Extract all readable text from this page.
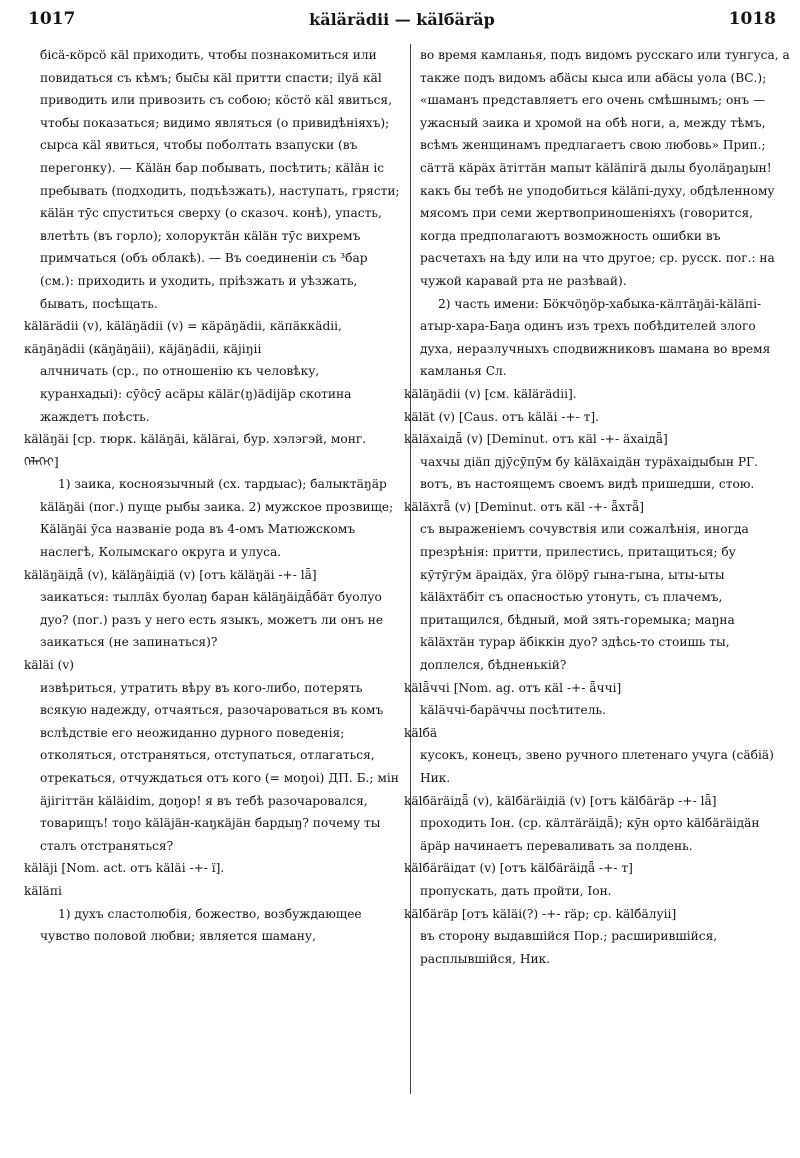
1017	kälärädii — kälбäräp	1018

бісä-кöрсö кäl приходить, чтобы познакомиться или повидаться съ кѣмъ; быс̄ы кäl притти спасти; ilyä кäl приводить или привозить съ собою; кöстö кäl явиться, чтобы показаться; видимо являться (о привидѣніяхъ); сырса кäl явиться, чтобы поболтать взапуски (въ перегонку). — Кäläн бар побывать, посѣтить; кäläн іс пребывать (подходить, подъѣзжать), наступать, грясти; кäläн тӯс спуститься сверху (о сказоч. конѣ), упасть, влетѣть (въ горло); холоруктäн кäläн тӯс вихремъ примчаться (объ облакѣ). — Въ соединеніи съ ³бар (см.): приходить и уходить, пріѣзжать и уѣзжать, бывать, посѣщать.

kälärädii (v), käläŋädii (v) = кäрäŋädii, кäпäккädii, кäŋäŋädii (кäŋäŋäii), кäjäŋädii, кäjiŋii

алчничать (ср., по отношенію къ человѣку, куранхадыі): сӯöсӯ асäры кäläг(ŋ)ädiјäр скотина жаждетъ поѣсть.

käläŋäi [ср. тюрк. käläŋäi, kälärai, бур. хэлэгэй, монг. ᠬᠡᠯᠡᠭᠡᠢ]

1) заика, косноязычный (сх. тардыас); балыктäŋäр käläŋäi (пог.) пуще рыбы заика. 2) мужское прозвище; Кäläŋäi ӯса названіе рода въ 4-омъ Матюжскомъ наслегѣ, Колымскаго округа и улуса.

käläŋäiдǟ (v), käläŋäідiä (v) [отъ käläŋäi -+- lǟ]

заикаться: тыллäх буолаŋ баран käläŋäiдǟбäт буолуо дуо? (пог.) разъ у него есть языкъ, можетъ ли онъ не заикаться (не запинаться)?

käläi (v)

извѣриться, утратить вѣру въ кого-либо, потерять всякую надежду, отчаяться, разочароваться въ комъ вслѣдствіе его неожиданно дурного поведенія; отколяться, отстраняться, отступаться, отлагаться, отрекаться, отчуждаться отъ кого (= моŋоі) ДП. Б.; мін äjiгіттäн käläidim, доŋор! я въ тебѣ разочаровался, товарищъ! тоŋо käläjäн-каŋкäjäн бардыŋ? почему ты сталъ отстраняться?

käläjі [Nom. act. отъ käläi -+- ï].

käläпі

1) духъ сластолюбія, божество, возбуждающее чувство половой любви; является шаману,

во время камланья, подъ видомъ русскаго или тунгуса, а также подъ видомъ абäсы кыса или абäсы уола (ВС.); «шаманъ представляетъ его очень смѣшнымъ; онъ — ужасный заика и хромой на обѣ ноги, а, между тѣмъ, всѣмъ женщинамъ предлагаетъ свою любовь» Прип.; сäттä кäрäх äтiттäн мапыт käläпігä дылы буолäŋаŋын! какъ бы тебѣ не уподобиться käläпі-духу, обдѣленному мясомъ при семи жертвоприношеніяхъ (говорится, когда предполагаютъ возможность ошибки въ расчетахъ на ѣду или на что другое; ср. русск. пог.: на чужой каравай рта не разѣвай).

2) часть имени: Бöкчöŋöр-хабыка-кäлтäŋäi-käläпі-атыр-хара-Баŋа одинъ изъ трехъ побѣдителей злого духа, неразлучныхъ сподвижниковъ шамана во время камланья Сл.

käläŋädii (v) [см. kälärädii].

kälät (v) [Caus. отъ käläі -+- т].

käläхаідǟ (v) [Deminut. отъ кäl -+- äхаідǟ]

чахчы діäп дjӯсӯпӯм бу käläхаідäн турäхаідыбын РГ. вотъ, въ настоящемъ своемъ видѣ пришедши, стою.

käläхтǟ (v) [Deminut. отъ кäl -+- ǟхтǟ]

съ выраженіемъ сочувствія или сожалѣнія, иногда презрѣнія: притти, прилестись, притащиться; бу кӯтӯгӯм äраідäх, ӯга ölöрӯ гына-гына, ыты-ыты käläхтäбіт съ опасностью утонуть, съ плачемъ, притащился, бѣдный, мой зять-горемыка; маŋна käläхтäн турар äбіккін дуо? здѣсь-то стоишь ты, доплелся, бѣдненькій?

kälǟччі [Nom. ag. отъ кäl -+- ǟччі]

käläччі-барäччы посѣтитель.

kälбä

кусокъ, конецъ, звено ручного плетенаго учуга (сäбіä) Ник.

kälбäräiдǟ (v), kälбäräiдiä (v) [отъ kälбäräр -+- lǟ]

проходить Іон. (ср. кäлтäräiдǟ); кӯн орто kälбäräiдäн äрäр начинаетъ переваливать за полдень.

kälбäräiдат (v) [отъ kälбäräiдǟ -+- т]

пропускать, дать пройти, Іон.

kälбäräр [отъ käläi(?) -+- räр; ср. kälбäлуіі]

въ сторону выдавшійся Пор.; расширившійся, расплывшійся, Ник.
